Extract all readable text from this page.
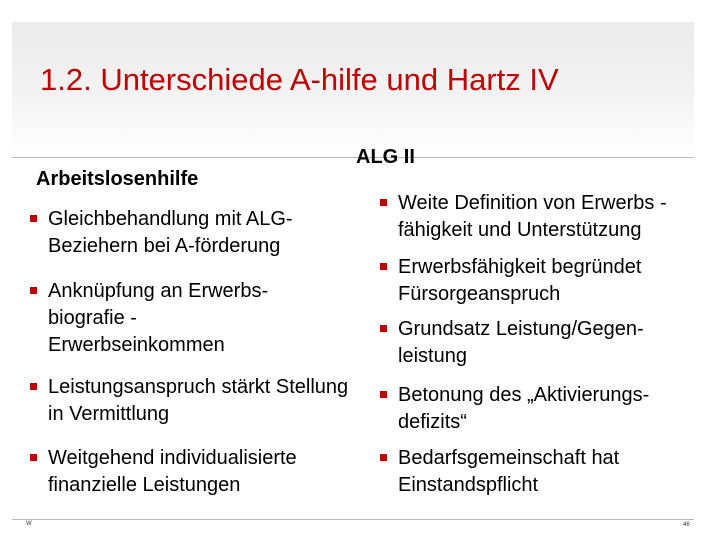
1.2. Unterschiede A-hilfe und Hartz IV
Arbeitslosenhilfe
ALG II
Gleichbehandlung mit ALG-Beziehern bei A-förderung
Anknüpfung an Erwerbs-biografie - Erwerbseinkommen
Leistungsanspruch stärkt Stellung in Vermittlung
Weitgehend individualisierte finanzielle Leistungen
Weite Definition von Erwerbs -fähigkeit und Unterstützung
Erwerbsfähigkeit begründet Fürsorgeanspruch
Grundsatz Leistung/Gegen-leistung
Betonung des „Aktivierungs-defizits“
Bedarfsgemeinschaft hat Einstandspflicht
W	46
